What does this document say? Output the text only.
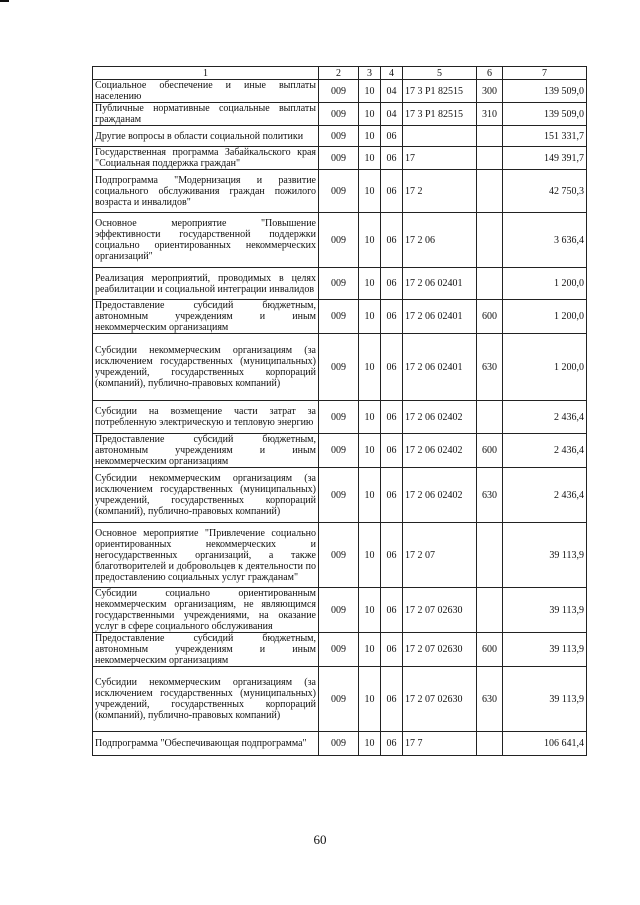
1	2	3	4	5	6	7
Социальное обеспечение и иные выплаты населению	009	10	04	17 3 P1 82515	300	139 509,0
Публичные нормативные социальные выплаты гражданам	009	10	04	17 3 P1 82515	310	139 509,0
Другие вопросы в области социальной политики	009	10	06			151 331,7
Государственная программа Забайкальского края "Социальная поддержка граждан"	009	10	06	17		149 391,7
Подпрограмма "Модернизация и развитие социального обслуживания граждан пожилого возраста и инвалидов"	009	10	06	17 2		42 750,3
Основное мероприятие "Повышение эффективности государственной поддержки социально ориентированных некоммерческих организаций"	009	10	06	17 2 06		3 636,4
Реализация мероприятий, проводимых в целях реабилитации и социальной интеграции инвалидов	009	10	06	17 2 06 02401		1 200,0
Предоставление субсидий бюджетным, автономным учреждениям и иным некоммерческим организациям	009	10	06	17 2 06 02401	600	1 200,0
Субсидии некоммерческим организациям (за исключением государственных (муниципальных) учреждений, государственных корпораций (компаний), публично-правовых компаний)	009	10	06	17 2 06 02401	630	1 200,0
Субсидии на возмещение части затрат за потребленную электрическую и тепловую энергию	009	10	06	17 2 06 02402		2 436,4
Предоставление субсидий бюджетным, автономным учреждениям и иным некоммерческим организациям	009	10	06	17 2 06 02402	600	2 436,4
Субсидии некоммерческим организациям (за исключением государственных (муниципальных) учреждений, государственных корпораций (компаний), публично-правовых компаний)	009	10	06	17 2 06 02402	630	2 436,4
Основное мероприятие "Привлечение социально ориентированных некоммерческих и негосударственных организаций, а также благотворителей и добровольцев к деятельности по предоставлению социальных услуг гражданам"	009	10	06	17 2 07		39 113,9
Субсидии социально ориентированным некоммерческим организациям, не являющимся государственными учреждениями, на оказание услуг в сфере социального обслуживания	009	10	06	17 2 07 02630		39 113,9
Предоставление субсидий бюджетным, автономным учреждениям и иным некоммерческим организациям	009	10	06	17 2 07 02630	600	39 113,9
Субсидии некоммерческим организациям (за исключением государственных (муниципальных) учреждений, государственных корпораций (компаний), публично-правовых компаний)	009	10	06	17 2 07 02630	630	39 113,9
Подпрограмма "Обеспечивающая подпрограмма"	009	10	06	17 7		106 641,4
60
